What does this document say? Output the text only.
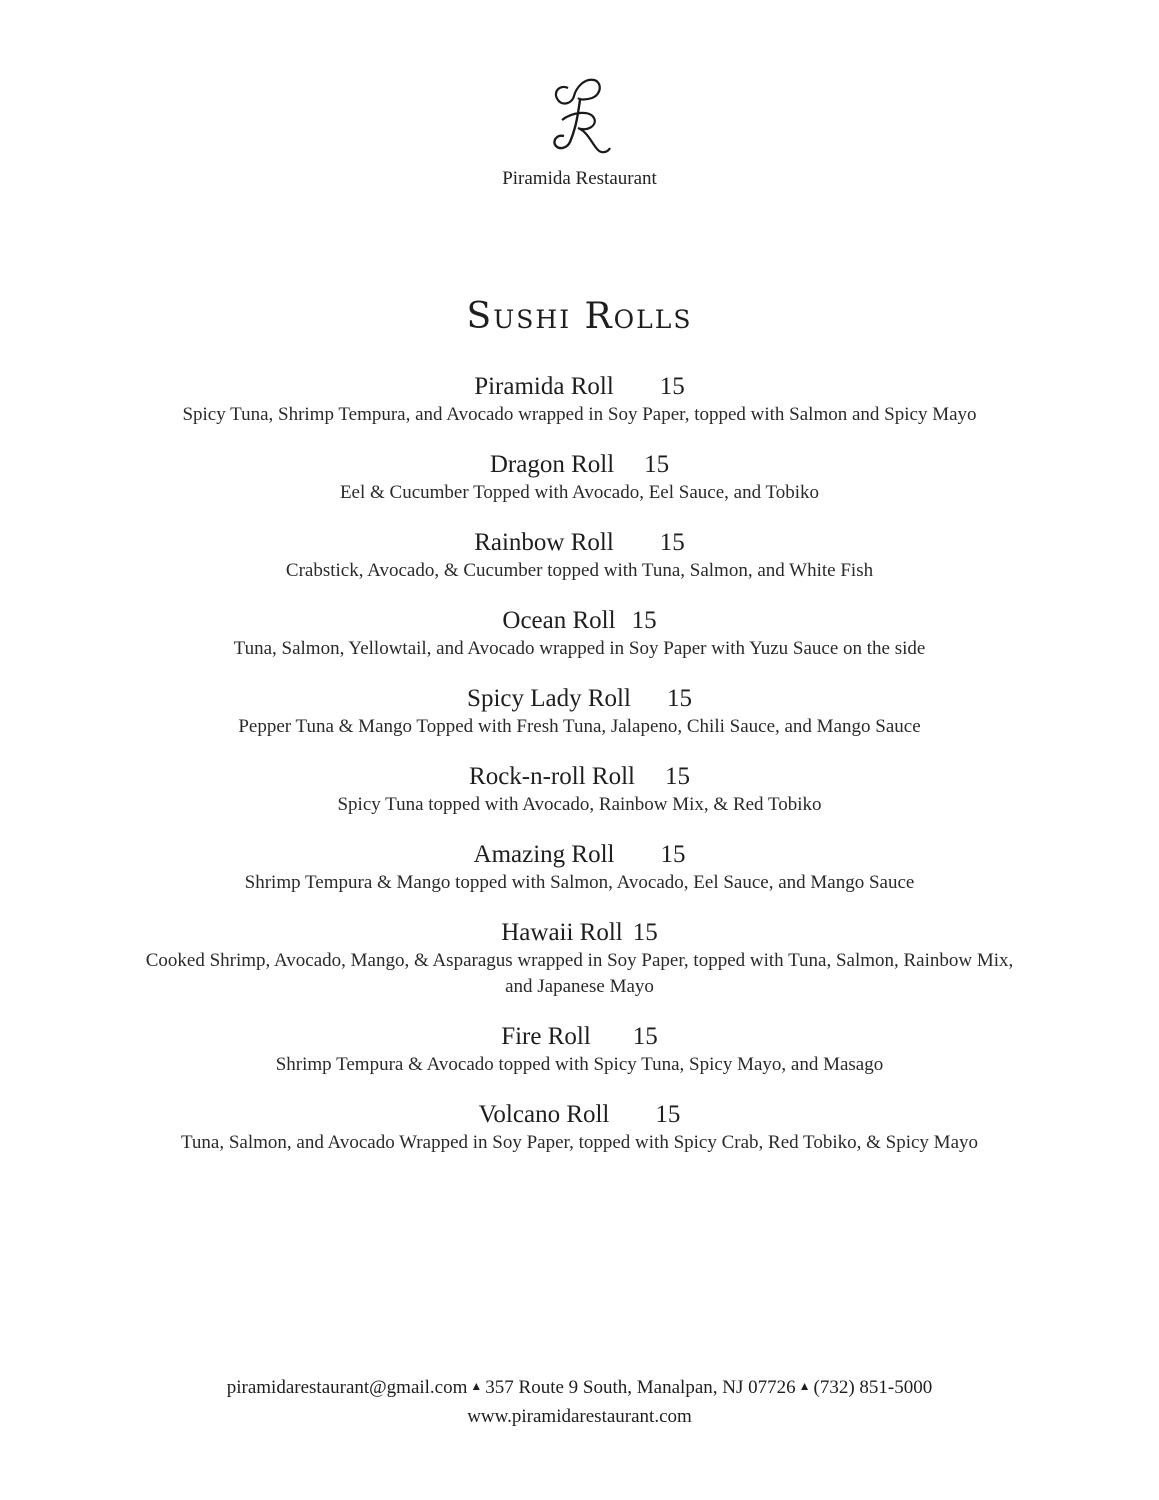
Piramida Restaurant
Sushi Rolls
Piramida Roll 15
Spicy Tuna, Shrimp Tempura, and Avocado wrapped in Soy Paper, topped with Salmon and Spicy Mayo
Dragon Roll 15
Eel & Cucumber Topped with Avocado, Eel Sauce, and Tobiko
Rainbow Roll 15
Crabstick, Avocado, & Cucumber topped with Tuna, Salmon, and White Fish
Ocean Roll 15
Tuna, Salmon, Yellowtail, and Avocado wrapped in Soy Paper with Yuzu Sauce on the side
Spicy Lady Roll 15
Pepper Tuna & Mango Topped with Fresh Tuna, Jalapeno, Chili Sauce, and Mango Sauce
Rock-n-roll Roll 15
Spicy Tuna topped with Avocado, Rainbow Mix, & Red Tobiko
Amazing Roll 15
Shrimp Tempura & Mango topped with Salmon, Avocado, Eel Sauce, and Mango Sauce
Hawaii Roll 15
Cooked Shrimp, Avocado, Mango, & Asparagus wrapped in Soy Paper, topped with Tuna, Salmon, Rainbow Mix, and Japanese Mayo
Fire Roll 15
Shrimp Tempura & Avocado topped with Spicy Tuna, Spicy Mayo, and Masago
Volcano Roll 15
Tuna, Salmon, and Avocado Wrapped in Soy Paper, topped with Spicy Crab, Red Tobiko, & Spicy Mayo
piramidarestaurant@gmail.com ▲ 357 Route 9 South, Manalpan, NJ 07726 ▲ (732) 851-5000
www.piramidarestaurant.com
